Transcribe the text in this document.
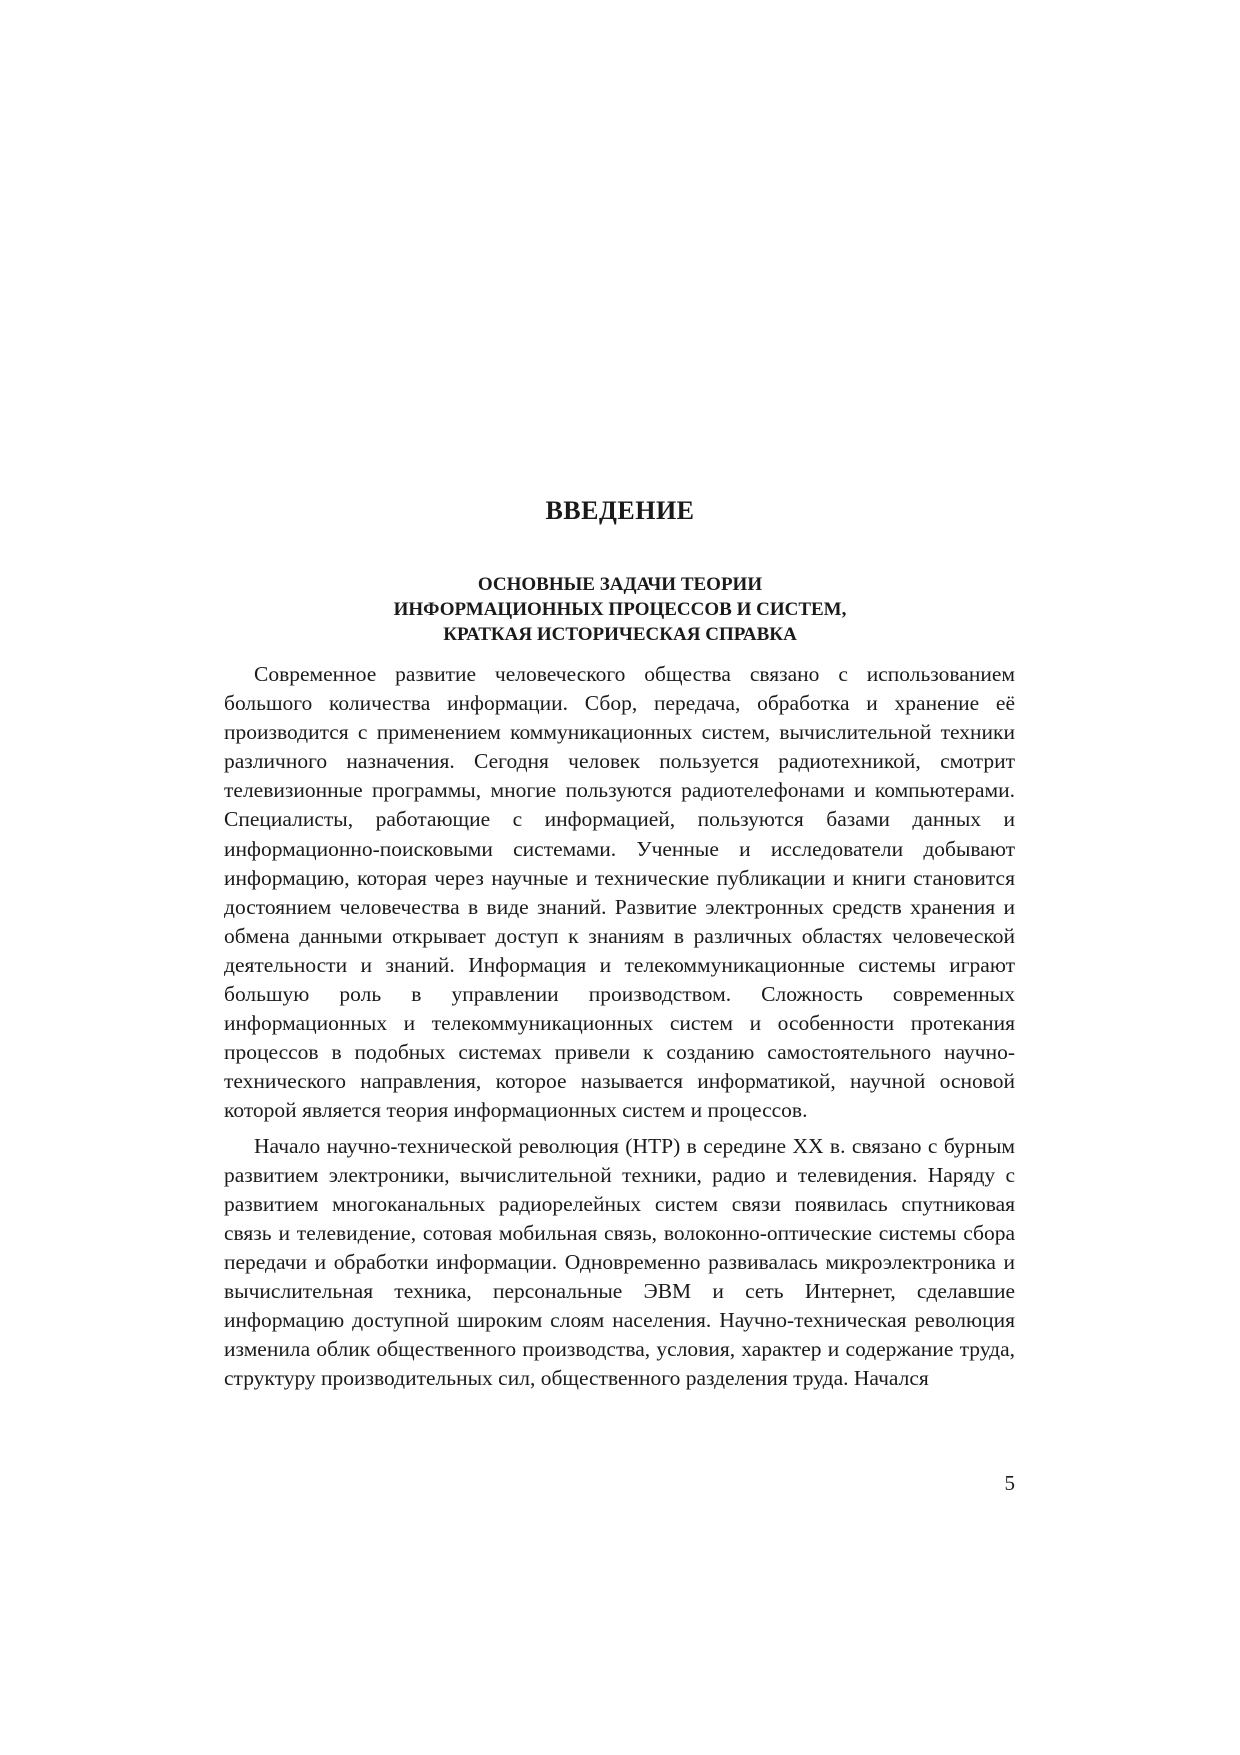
ВВЕДЕНИЕ
ОСНОВНЫЕ ЗАДАЧИ ТЕОРИИ
ИНФОРМАЦИОННЫХ ПРОЦЕССОВ И СИСТЕМ,
КРАТКАЯ ИСТОРИЧЕСКАЯ СПРАВКА

Современное развитие человеческого общества связано с использованием большого количества информации. Сбор, передача, обработка и хранение её производится с применением коммуникационных систем, вычислительной техники различного назначения. Сегодня человек пользуется радиотехникой, смотрит телевизионные программы, многие пользуются радиотелефонами и компьютерами. Специалисты, работающие с информацией, пользуются базами данных и информационно-поисковыми системами. Ученные и исследователи добывают информацию, которая через научные и технические публикации и книги становится достоянием человечества в виде знаний. Развитие электронных средств хранения и обмена данными открывает доступ к знаниям в различных областях человеческой деятельности и знаний. Информация и телекоммуникационные системы играют большую роль в управлении производством. Сложность современных информационных и телекоммуникационных систем и особенности протекания процессов в подобных системах привели к созданию самостоятельного научно-технического направления, которое называется информатикой, научной основой которой является теория информационных систем и процессов.

Начало научно-технической революция (НТР) в середине XX в. связано с бурным развитием электроники, вычислительной техники, радио и телевидения. Наряду с развитием многоканальных радиорелейных систем связи появилась спутниковая связь и телевидение, сотовая мобильная связь, волоконно-оптические системы сбора передачи и обработки информации. Одновременно развивалась микроэлектроника и вычислительная техника, персональные ЭВМ и сеть Интернет, сделавшие информацию доступной широким слоям населения. Научно-техническая революция изменила облик общественного производства, условия, характер и содержание труда, структуру производительных сил, общественного разделения труда. Начался

5
